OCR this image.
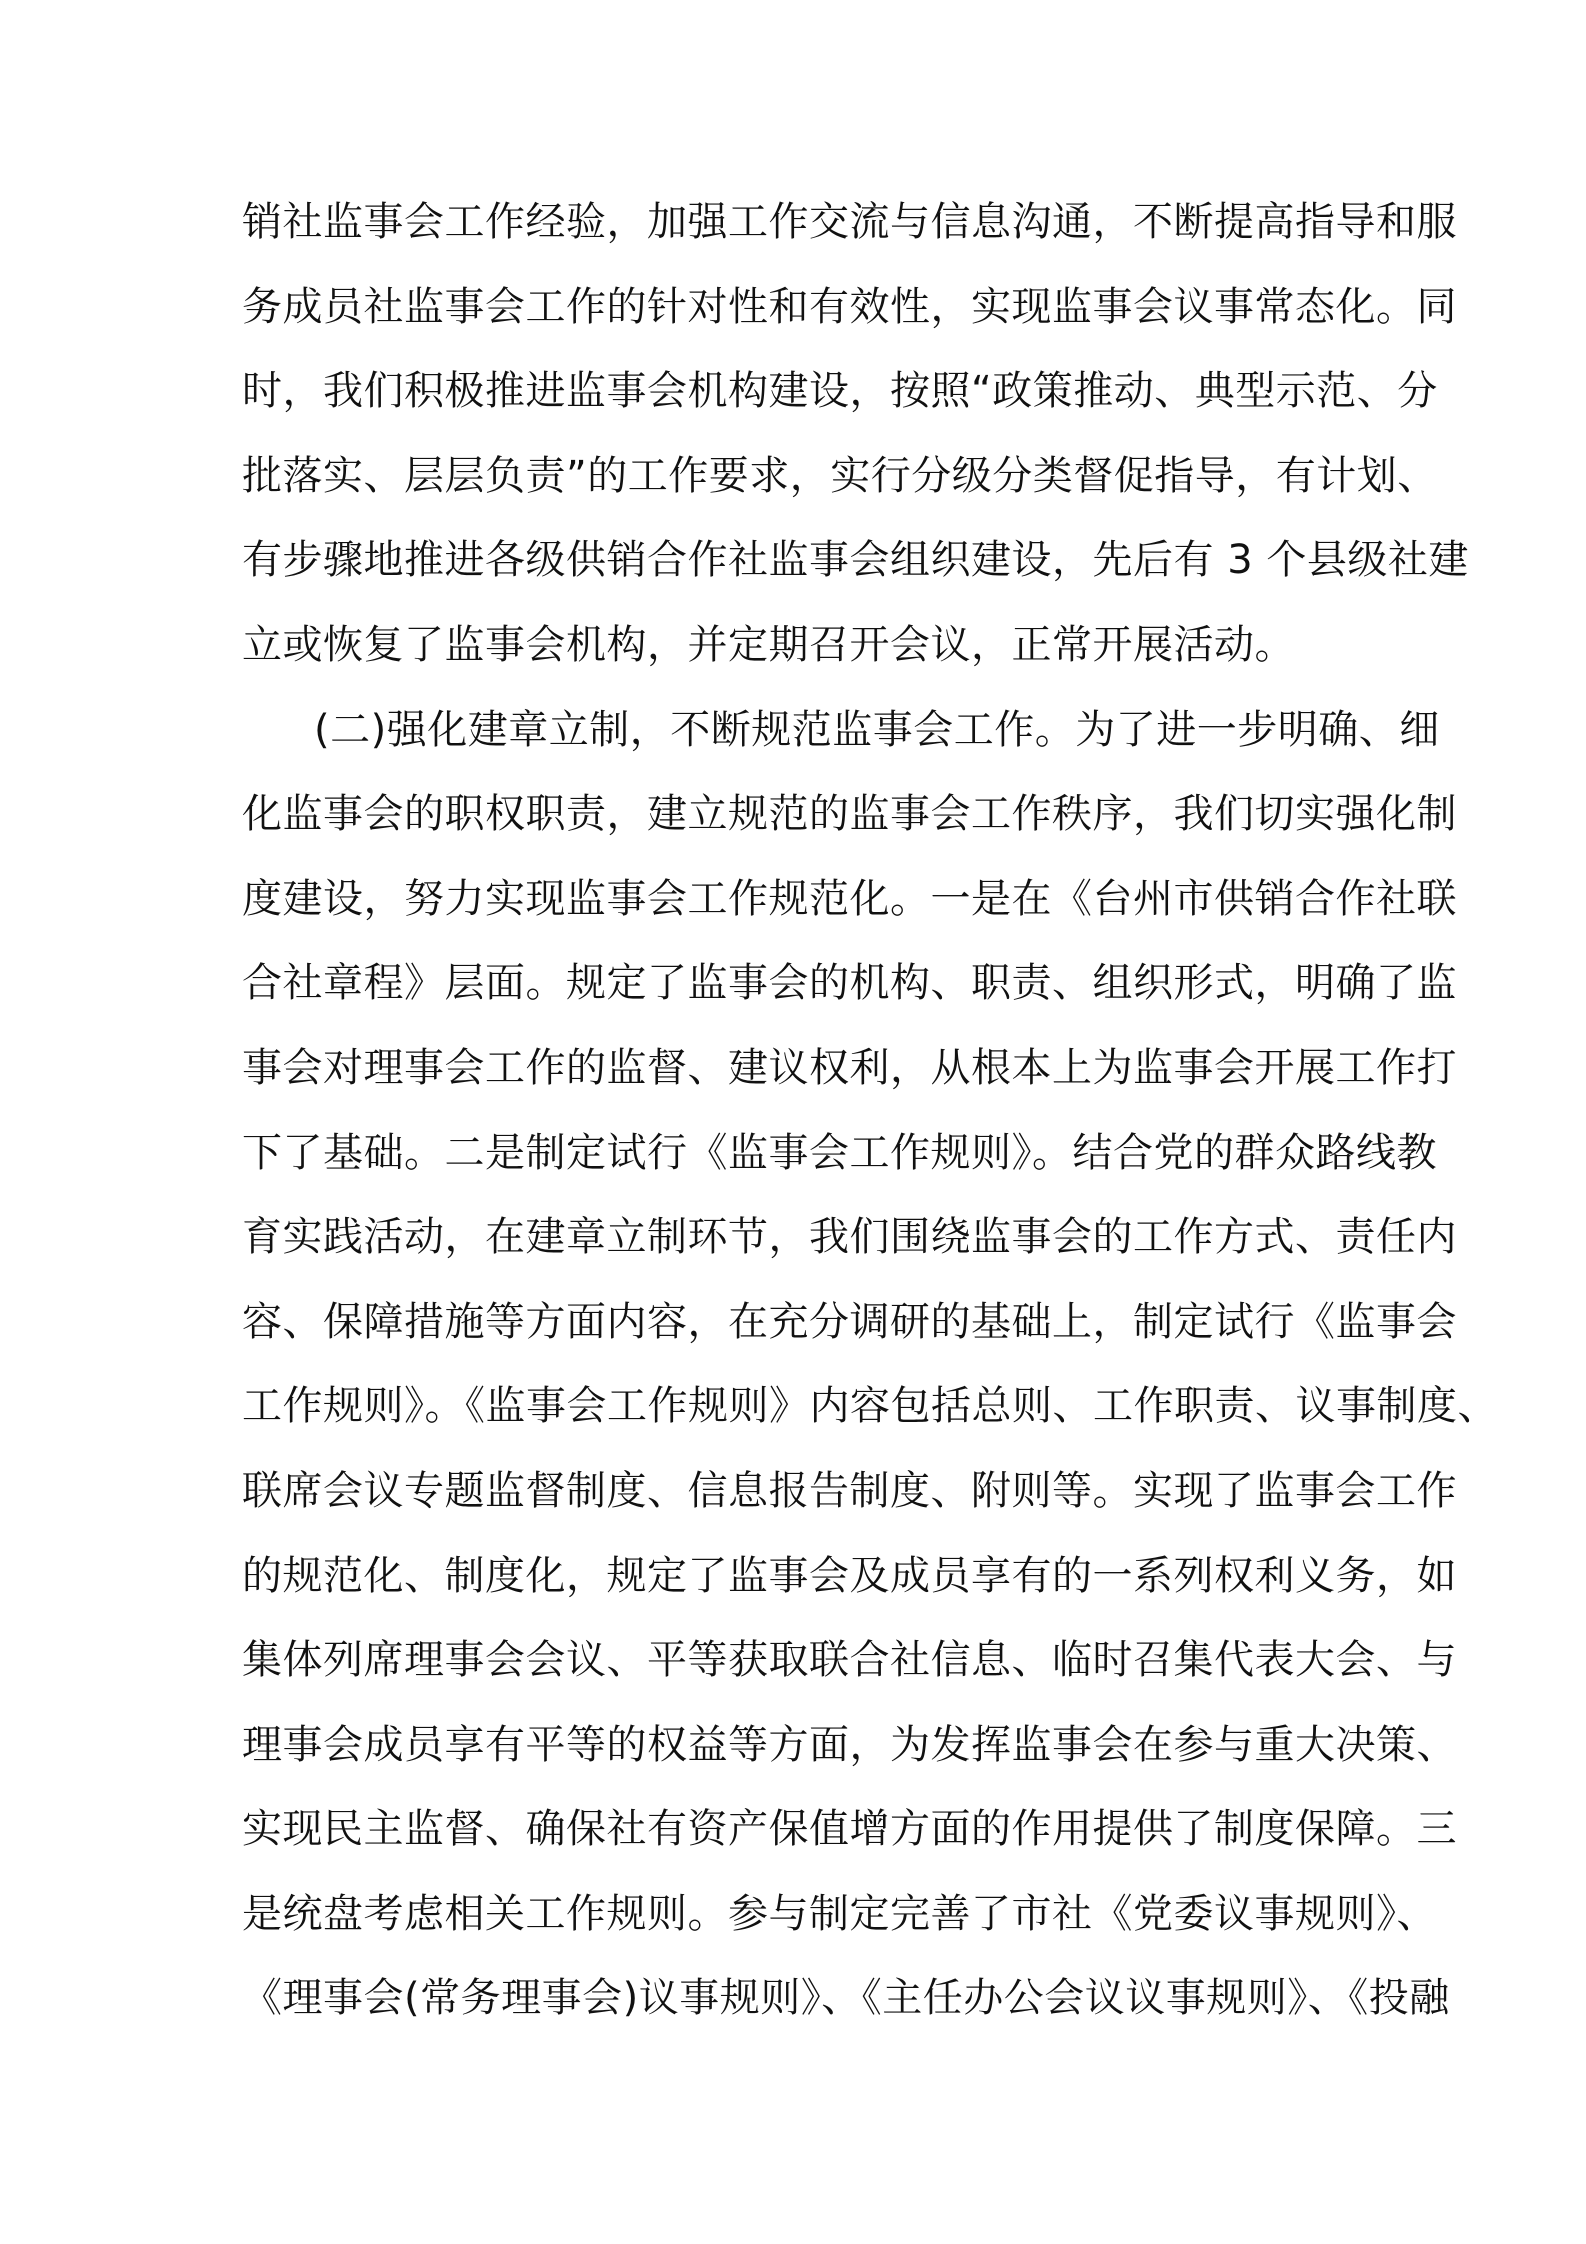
销社监事会工作经验，加强工作交流与信息沟通，不断提高指导和服
务成员社监事会工作的针对性和有效性，实现监事会议事常态化。同
时，我们积极推进监事会机构建设，按照“政策推动、典型示范、分
批落实、层层负责”的工作要求，实行分级分类督促指导，有计划、
有步骤地推进各级供销合作社监事会组织建设，先后有 3 个县级社建
立或恢复了监事会机构，并定期召开会议，正常开展活动。
(二)强化建章立制，不断规范监事会工作。为了进一步明确、细
化监事会的职权职责，建立规范的监事会工作秩序，我们切实强化制
度建设，努力实现监事会工作规范化。一是在《台州市供销合作社联
合社章程》层面。规定了监事会的机构、职责、组织形式，明确了监
事会对理事会工作的监督、建议权利，从根本上为监事会开展工作打
下了基础。二是制定试行《监事会工作规则》。结合党的群众路线教
育实践活动，在建章立制环节，我们围绕监事会的工作方式、责任内
容、保障措施等方面内容，在充分调研的基础上，制定试行《监事会
工作规则》。《监事会工作规则》内容包括总则、工作职责、议事制度、
联席会议专题监督制度、信息报告制度、附则等。实现了监事会工作
的规范化、制度化，规定了监事会及成员享有的一系列权利义务，如
集体列席理事会会议、平等获取联合社信息、临时召集代表大会、与
理事会成员享有平等的权益等方面，为发挥监事会在参与重大决策、
实现民主监督、确保社有资产保值增方面的作用提供了制度保障。三
是统盘考虑相关工作规则。参与制定完善了市社《党委议事规则》、
《理事会(常务理事会)议事规则》、《主任办公会议议事规则》、《投融
